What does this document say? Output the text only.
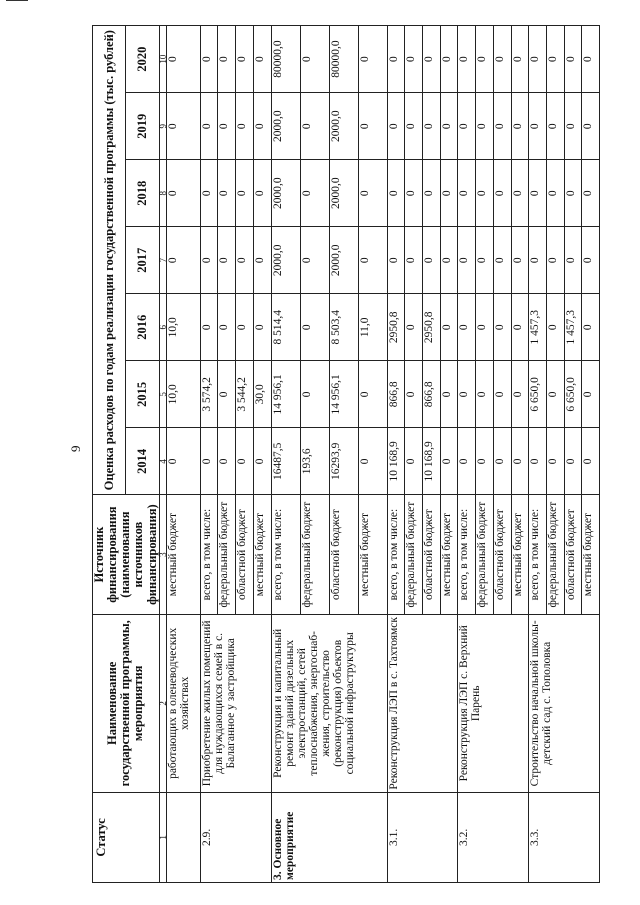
9
Статус	Наименование государственной программы, мероприятия	Источник финансирования (наименования источников финансирования)	Оценка расходов по годам реализации государственной программы (тыс. рублей)						
			2014	2015	2016	2017	2018	2019	2020
1	2	3	4	5	6	7	8	9	10
	работающих в оленеводческих хозяйствах	местный бюджет	0	10,0	10,0	0	0	0	0
2.9.	Приобретение жилых помещений для нуждающихся семей в с. Балаганное у застройщика	всего, в том числе:	0	3 574,2	0	0	0	0	0
		федеральный бюджет	0	0	0	0	0	0	0
		областной бюджет	0	3 544,2	0	0	0	0	0
		местный бюджет	0	30,0	0	0	0	0	0
3. Основное мероприятие	Реконструкция и капитальный ремонт зданий дизельных электростанций, сетей теплоснабжения, энергоснаб-жения, строительство (реконструкция) объектов социальной инфраструктуры	всего, в том числе:	16487,5	14 956,1	8 514,4	2000,0	2000,0	2000,0	80000,0
		федеральный бюджет	193,6	0	0	0	0	0	0
		областной бюджет	16293,9	14 956,1	8 503,4	2000,0	2000,0	2000,0	80000,0
		местный бюджет	0	0	11,0	0	0	0	0
3.1.	Реконструкция ЛЭП в с. Тахтоямск	всего, в том числе:	10 168,9	866,8	2950,8	0	0	0	0
		федеральный бюджет	0	0	0	0	0	0	0
		областной бюджет	10 168,9	866,8	2950,8	0	0	0	0
		местный бюджет	0	0	0	0	0	0	0
3.2.	Реконструкция ЛЭП с. Верхний Парень	всего, в том числе:	0	0	0	0	0	0	0
		федеральный бюджет	0	0	0	0	0	0	0
		областной бюджет	0	0	0	0	0	0	0
		местный бюджет	0	0	0	0	0	0	0
3.3.	Строительство начальной школы-детский сад с. Тополовка	всего, в том числе:	0	6 650,0	1 457,3	0	0	0	0
		федеральный бюджет	0	0	0	0	0	0	0
		областной бюджет	0	6 650,0	1 457,3	0	0	0	0
		местный бюджет	0	0	0	0	0	0	0
